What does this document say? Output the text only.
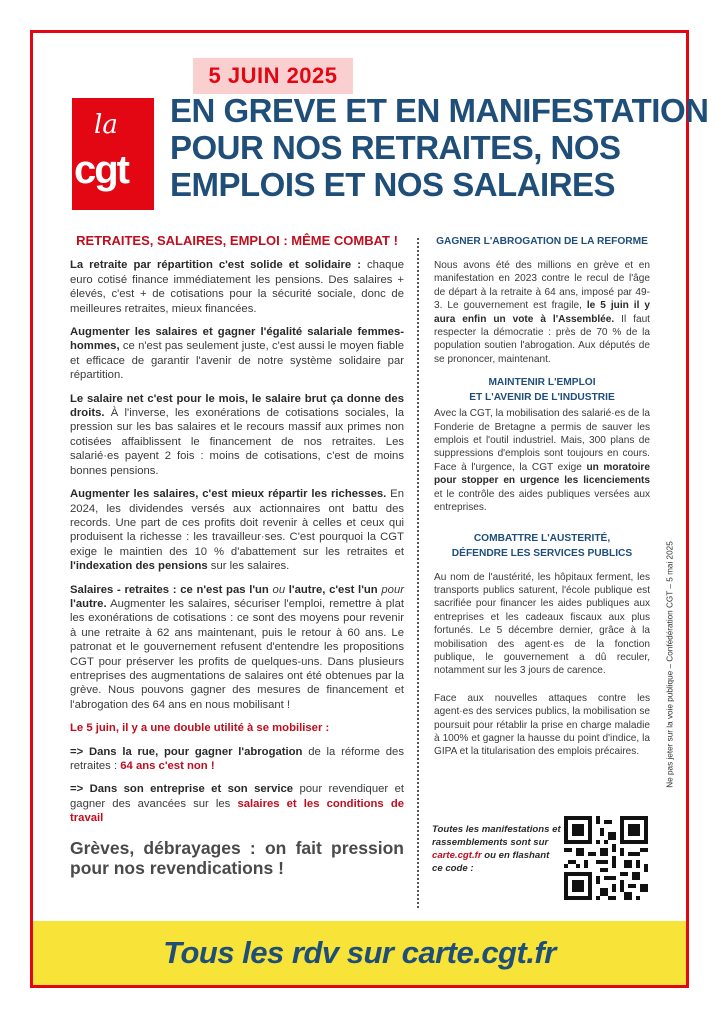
5 JUIN 2025
la
cgt
EN GREVE ET EN MANIFESTATION
POUR NOS RETRAITES, NOS
EMPLOIS ET NOS SALAIRES
RETRAITES, SALAIRES, EMPLOI : MÊME COMBAT !

La retraite par répartition c'est solide et solidaire : chaque euro cotisé finance immédiatement les pensions. Des salaires + élevés, c'est + de cotisations pour la sécurité sociale, donc de meilleures retraites, mieux financées.

Augmenter les salaires et gagner l'égalité salariale femmes-hommes, ce n'est pas seulement juste, c'est aussi le moyen fiable et efficace de garantir l'avenir de notre système solidaire par répartition.

Le salaire net c'est pour le mois, le salaire brut ça donne des droits. À l'inverse, les exonérations de cotisations sociales, la pression sur les bas salaires et le recours massif aux primes non cotisées affaiblissent le financement de nos retraites. Les salarié·es payent 2 fois : moins de cotisations, c'est de moins bonnes pensions.

Augmenter les salaires, c'est mieux répartir les richesses. En 2024, les dividendes versés aux actionnaires ont battu des records. Une part de ces profits doit revenir à celles et ceux qui produisent la richesse : les travailleur·ses. C'est pourquoi la CGT exige le maintien des 10 % d'abattement sur les retraites et l'indexation des pensions sur les salaires.

Salaires - retraites : ce n'est pas l'un ou l'autre, c'est l'un pour l'autre. Augmenter les salaires, sécuriser l'emploi, remettre à plat les exonérations de cotisations : ce sont des moyens pour revenir à une retraite à 62 ans maintenant, puis le retour à 60 ans. Le patronat et le gouvernement refusent d'entendre les propositions CGT pour préserver les profits de quelques-uns. Dans plusieurs entreprises des augmentations de salaires ont été obtenues par la grève. Nous pouvons gagner des mesures de financement et l'abrogation des 64 ans en nous mobilisant !

Le 5 juin, il y a une double utilité à se mobiliser :

=> Dans la rue, pour gagner l'abrogation de la réforme des retraites : 64 ans c'est non !

=> Dans son entreprise et son service pour revendiquer et gagner des avancées sur les salaires et les conditions de travail

Grèves, débrayages : on fait pression pour nos revendications !
GAGNER L'ABROGATION DE LA REFORME

Nous avons été des millions en grève et en manifestation en 2023 contre le recul de l'âge de départ à la retraite à 64 ans, imposé par 49-3. Le gouvernement est fragile, le 5 juin il y aura enfin un vote à l'Assemblée. Il faut respecter la démocratie : près de 70 % de la population soutien l'abrogation. Aux députés de se prononcer, maintenant.

MAINTENIR L'EMPLOI
ET L'AVENIR DE L'INDUSTRIE

Avec la CGT, la mobilisation des salarié·es de la Fonderie de Bretagne a permis de sauver les emplois et l'outil industriel. Mais, 300 plans de suppressions d'emplois sont toujours en cours. Face à l'urgence, la CGT exige un moratoire pour stopper en urgence les licenciements et le contrôle des aides publiques versées aux entreprises.

COMBATTRE L'AUSTERITÉ,
DÉFENDRE LES SERVICES PUBLICS

Au nom de l'austérité, les hôpitaux ferment, les transports publics saturent, l'école publique est sacrifiée pour financer les aides publiques aux entreprises et les cadeaux fiscaux aux plus fortunés. Le 5 décembre dernier, grâce à la mobilisation des agent·es de la fonction publique, le gouvernement a dû reculer, notamment sur les 3 jours de carence.

Face aux nouvelles attaques contre les agent·es des services publics, la mobilisation se poursuit pour rétablir la prise en charge maladie à 100% et gagner la hausse du point d'indice, la GIPA et la titularisation des emplois précaires.

Toutes les manifestations et rassemblements sont sur carte.cgt.fr ou en flashant ce code :
Ne pas jeter sur la voie publique – Confédération CGT – 5 mai 2025
Tous les rdv sur carte.cgt.fr
